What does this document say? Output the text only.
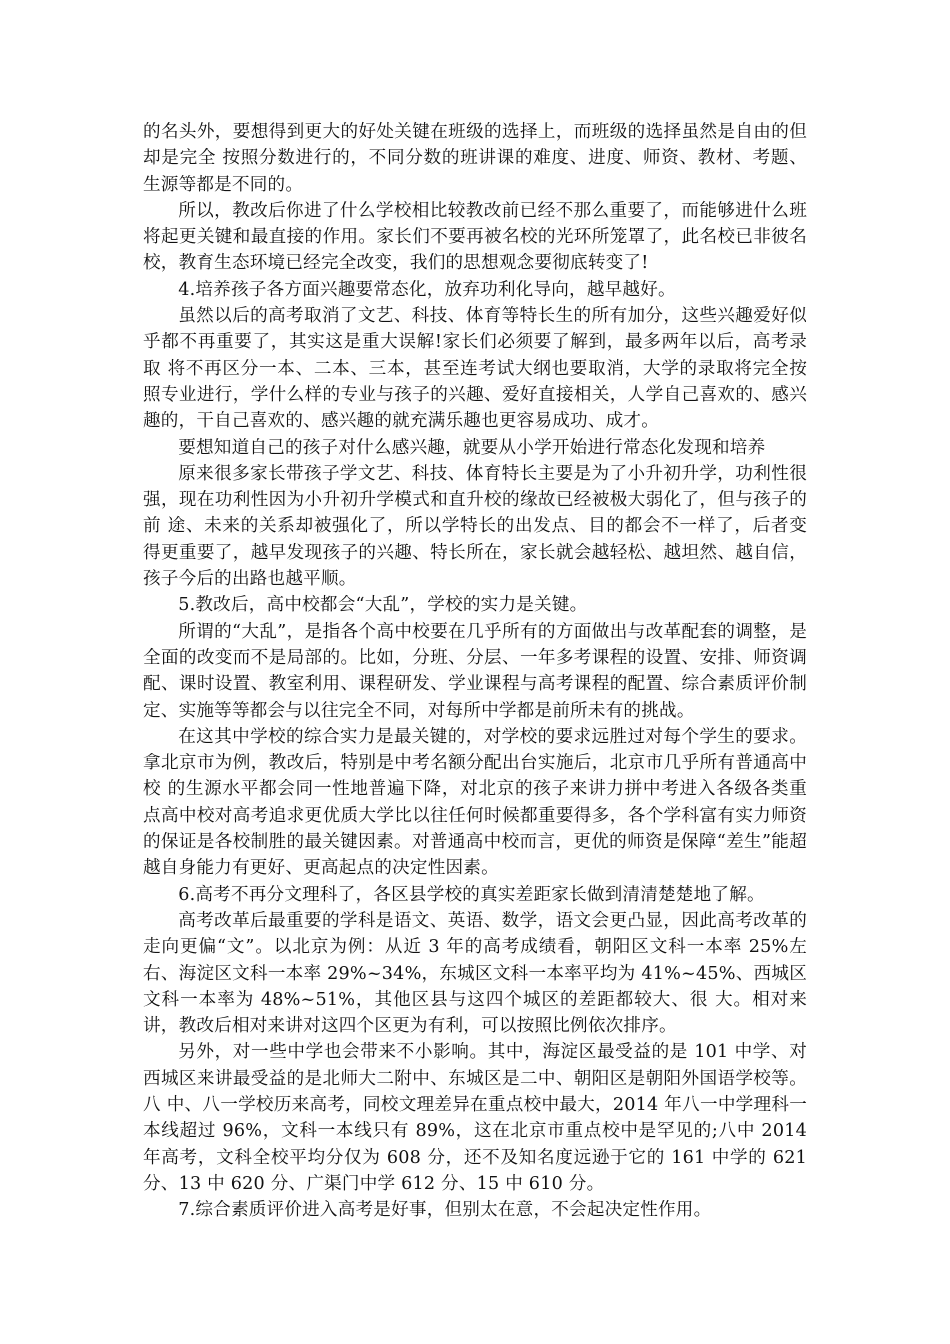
的名头外，要想得到更大的好处关键在班级的选择上，而班级的选择虽然是自由的但却是完全 按照分数进行的，不同分数的班讲课的难度、进度、师资、教材、考题、生源等都是不同的。

所以，教改后你进了什么学校相比较教改前已经不那么重要了，而能够进什么班将起更关键和最直接的作用。家长们不要再被名校的光环所笼罩了，此名校已非彼名校，教育生态环境已经完全改变，我们的思想观念要彻底转变了!

4.培养孩子各方面兴趣要常态化，放弃功利化导向，越早越好。

虽然以后的高考取消了文艺、科技、体育等特长生的所有加分，这些兴趣爱好似乎都不再重要了，其实这是重大误解!家长们必须要了解到，最多两年以后，高考录取 将不再区分一本、二本、三本，甚至连考试大纲也要取消，大学的录取将完全按照专业进行，学什么样的专业与孩子的兴趣、爱好直接相关，人学自己喜欢的、感兴 趣的，干自己喜欢的、感兴趣的就充满乐趣也更容易成功、成才。

要想知道自己的孩子对什么感兴趣，就要从小学开始进行常态化发现和培养

原来很多家长带孩子学文艺、科技、体育特长主要是为了小升初升学，功利性很强，现在功利性因为小升初升学模式和直升校的缘故已经被极大弱化了，但与孩子的前 途、未来的关系却被强化了，所以学特长的出发点、目的都会不一样了，后者变得更重要了，越早发现孩子的兴趣、特长所在，家长就会越轻松、越坦然、越自信， 孩子今后的出路也越平顺。

5.教改后，高中校都会“大乱”，学校的实力是关键。

所谓的“大乱”，是指各个高中校要在几乎所有的方面做出与改革配套的调整，是全面的改变而不是局部的。比如，分班、分层、一年多考课程的设置、安排、师资调 配、课时设置、教室利用、课程研发、学业课程与高考课程的配置、综合素质评价制定、实施等等都会与以往完全不同，对每所中学都是前所未有的挑战。

在这其中学校的综合实力是最关键的，对学校的要求远胜过对每个学生的要求。拿北京市为例，教改后，特别是中考名额分配出台实施后，北京市几乎所有普通高中校 的生源水平都会同一性地普遍下降，对北京的孩子来讲力拼中考进入各级各类重点高中校对高考追求更优质大学比以往任何时候都重要得多，各个学科富有实力师资 的保证是各校制胜的最关键因素。对普通高中校而言，更优的师资是保障“差生”能超越自身能力有更好、更高起点的决定性因素。

6.高考不再分文理科了，各区县学校的真实差距家长做到清清楚楚地了解。

高考改革后最重要的学科是语文、英语、数学，语文会更凸显，因此高考改革的走向更偏“文”。以北京为例：从近 3 年的高考成绩看，朝阳区文科一本率 25%左 右、海淀区文科一本率 29%~34%，东城区文科一本率平均为 41%~45%、西城区文科一本率为 48%~51%，其他区县与这四个城区的差距都较大、很 大。相对来讲，教改后相对来讲对这四个区更为有利，可以按照比例依次排序。

另外，对一些中学也会带来不小影响。其中，海淀区最受益的是 101 中学、对西城区来讲最受益的是北师大二附中、东城区是二中、朝阳区是朝阳外国语学校等。八 中、八一学校历来高考，同校文理差异在重点校中最大，2014 年八一中学理科一本线超过 96%，文科一本线只有 89%，这在北京市重点校中是罕见的;八中 2014 年高考，文科全校平均分仅为 608 分，还不及知名度远逊于它的 161 中学的 621 分、13 中 620 分、广渠门中学 612 分、15 中 610 分。

7.综合素质评价进入高考是好事，但别太在意，不会起决定性作用。
